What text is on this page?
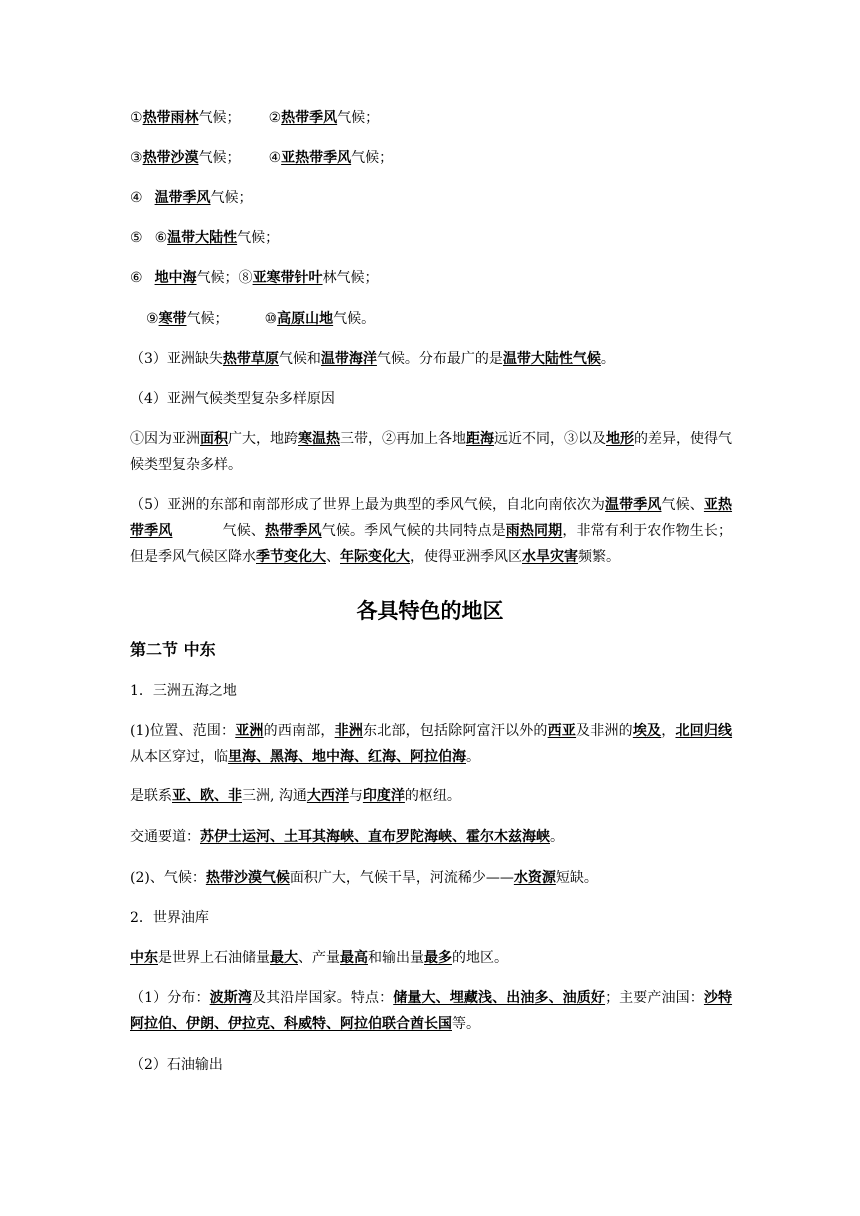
①热带雨林气候； ②热带季风气候；
③热带沙漠气候； ④亚热带季风气候；
④ 温带季风气候；
⑤ ⑥温带大陆性气候；
⑥ 地中海气候；⑧亚寒带针叶林气候；
⑨寒带气候；	⑩高原山地气候。
（3）亚洲缺失热带草原气候和温带海洋气候。分布最广的是温带大陆性气候。
（4）亚洲气候类型复杂多样原因
①因为亚洲面积广大，地跨寒温热三带，②再加上各地距海远近不同，③以及地形的差异，使得气候类型复杂多样。
（5）亚洲的东部和南部形成了世界上最为典型的季风气候，自北向南依次为温带季风气候、亚热带季风	气候、热带季风气候。季风气候的共同特点是雨热同期，非常有利于农作物生长；但是季风气候区降水季节变化大、年际变化大，使得亚洲季风区水旱灾害频繁。
各具特色的地区
第二节 中东
1．三洲五海之地
(1)位置、范围：亚洲的西南部，非洲东北部，包括除阿富汗以外的西亚及非洲的埃及，北回归线从本区穿过，临里海、黑海、地中海、红海、阿拉伯海。
是联系亚、欧、非三洲, 沟通大西洋与印度洋的枢纽。
交通要道：苏伊士运河、土耳其海峡、直布罗陀海峡、霍尔木兹海峡。
(2)、气候：热带沙漠气候面积广大，气候干旱，河流稀少——水资源短缺。
2．世界油库
中东是世界上石油储量最大、产量最高和输出量最多的地区。
（1）分布：波斯湾及其沿岸国家。特点：储量大、埋藏浅、出油多、油质好；主要产油国：沙特阿拉伯、伊朗、伊拉克、科威特、阿拉伯联合酋长国等。
（2）石油输出
